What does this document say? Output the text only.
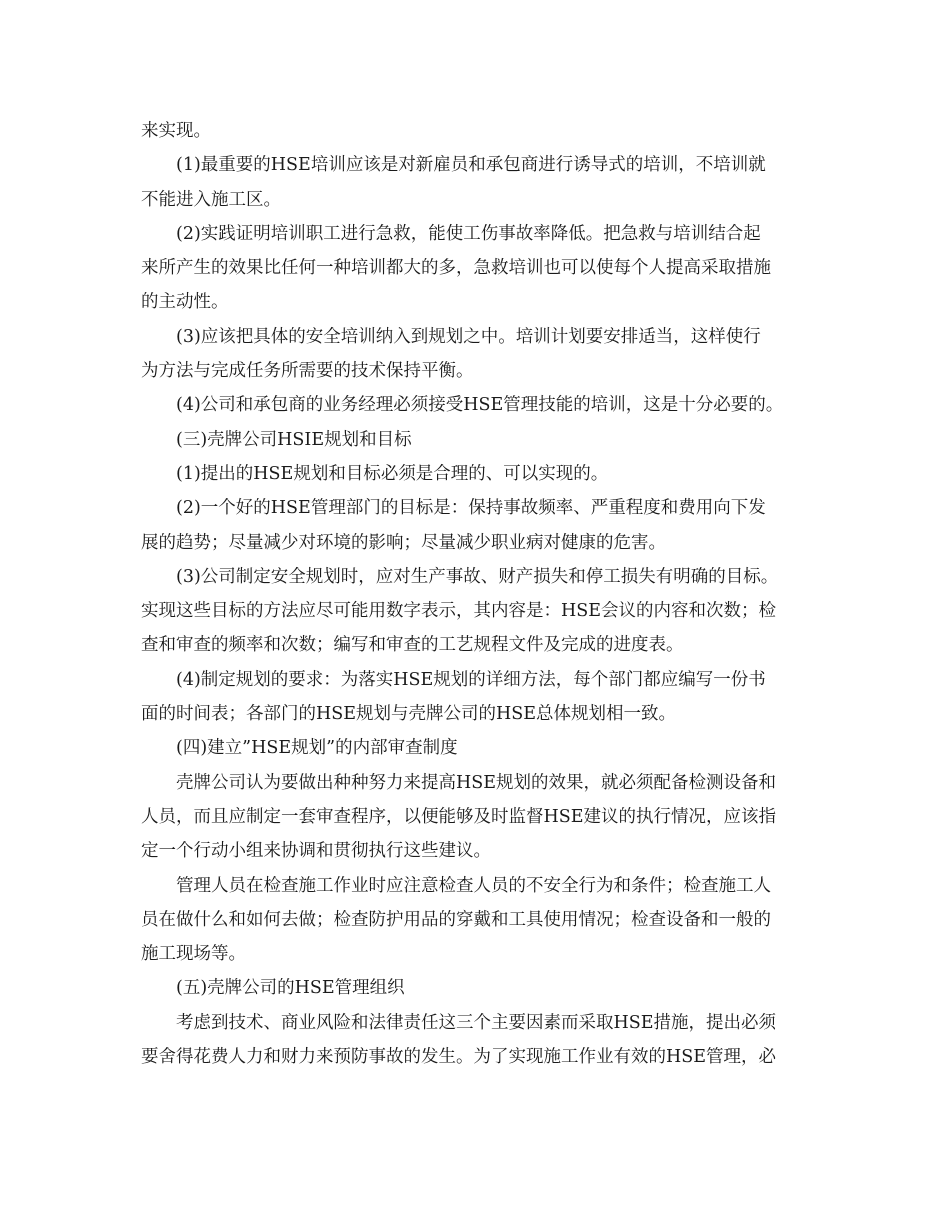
来实现。
(1)最重要的HSE培训应该是对新雇员和承包商进行诱导式的培训，不培训就
不能进入施工区。
(2)实践证明培训职工进行急救，能使工伤事故率降低。把急救与培训结合起
来所产生的效果比任何一种培训都大的多，急救培训也可以使每个人提高采取措施
的主动性。
(3)应该把具体的安全培训纳入到规划之中。培训计划要安排适当，这样使行
为方法与完成任务所需要的技术保持平衡。
(4)公司和承包商的业务经理必须接受HSE管理技能的培训，这是十分必要的。
(三)壳牌公司HSIE规划和目标
(1)提出的HSE规划和目标必须是合理的、可以实现的。
(2)一个好的HSE管理部门的目标是：保持事故频率、严重程度和费用向下发
展的趋势；尽量减少对环境的影响；尽量减少职业病对健康的危害。
(3)公司制定安全规划时，应对生产事故、财产损失和停工损失有明确的目标。
实现这些目标的方法应尽可能用数字表示，其内容是：HSE会议的内容和次数；检
查和审查的频率和次数；编写和审查的工艺规程文件及完成的进度表。
(4)制定规划的要求：为落实HSE规划的详细方法，每个部门都应编写一份书
面的时间表；各部门的HSE规划与壳牌公司的HSE总体规划相一致。
(四)建立”HSE规划”的内部审查制度
壳牌公司认为要做出种种努力来提高HSE规划的效果，就必须配备检测设备和
人员，而且应制定一套审查程序，以便能够及时监督HSE建议的执行情况，应该指
定一个行动小组来协调和贯彻执行这些建议。
管理人员在检查施工作业时应注意检查人员的不安全行为和条件；检查施工人
员在做什么和如何去做；检查防护用品的穿戴和工具使用情况；检查设备和一般的
施工现场等。
(五)壳牌公司的HSE管理组织
考虑到技术、商业风险和法律责任这三个主要因素而采取HSE措施，提出必须
要舍得花费人力和财力来预防事故的发生。为了实现施工作业有效的HSE管理，必
